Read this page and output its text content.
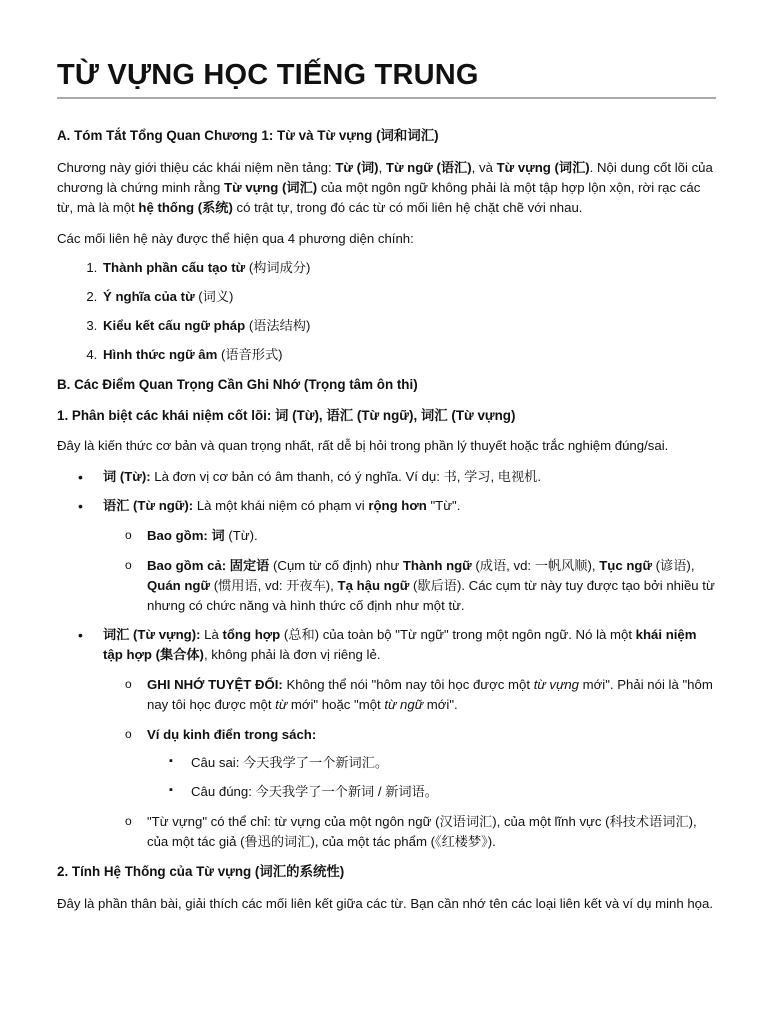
TỪ VỰNG HỌC TIẾNG TRUNG
A. Tóm Tắt Tổng Quan Chương 1: Từ và Từ vựng (词和词汇)

Chương này giới thiệu các khái niệm nền tảng: Từ (词), Từ ngữ (语汇), và Từ vựng (词汇). Nội dung cốt lõi của chương là chứng minh rằng Từ vựng (词汇) của một ngôn ngữ không phải là một tập hợp lộn xộn, rời rạc các từ, mà là một hệ thống (系统) có trật tự, trong đó các từ có mối liên hệ chặt chẽ với nhau.

Các mối liên hệ này được thể hiện qua 4 phương diện chính:

1. Thành phần cấu tạo từ (构词成分)
2. Ý nghĩa của từ (词义)
3. Kiểu kết cấu ngữ pháp (语法结构)
4. Hình thức ngữ âm (语音形式)
B. Các Điểm Quan Trọng Cần Ghi Nhớ (Trọng tâm ôn thi)
1. Phân biệt các khái niệm cốt lõi: 词 (Từ), 语汇 (Từ ngữ), 词汇 (Từ vựng)

Đây là kiến thức cơ bản và quan trọng nhất, rất dễ bị hỏi trong phần lý thuyết hoặc trắc nghiệm đúng/sai.

• 词 (Từ): Là đơn vị cơ bản có âm thanh, có ý nghĩa. Ví dụ: 书, 学习, 电视机.
• 语汇 (Từ ngữ): Là một khái niệm có phạm vi rộng hơn "Từ".
o Bao gồm: 词 (Từ).
o Bao gồm cả: 固定语 (Cụm từ cố định) như Thành ngữ (成语, vd: 一帆风顺), Tục ngữ (谚语), Quán ngữ (惯用语, vd: 开夜车), Tạ hậu ngữ (歇后语). Các cụm từ này tuy được tạo bởi nhiều từ nhưng có chức năng và hình thức cố định như một từ.
• 词汇 (Từ vựng): Là tổng hợp (总和) của toàn bộ "Từ ngữ" trong một ngôn ngữ. Nó là một khái niệm tập hợp (集合体), không phải là đơn vị riêng lẻ.
o GHI NHỚ TUYỆT ĐỐI: Không thể nói "hôm nay tôi học được một từ vựng mới". Phải nói là "hôm nay tôi học được một từ mới" hoặc "một từ ngữ mới".
o Ví dụ kinh điển trong sách:
▪ Câu sai: 今天我学了一个新词汇。
▪ Câu đúng: 今天我学了一个新词 / 新词语。
o "Từ vựng" có thể chỉ: từ vựng của một ngôn ngữ (汉语词汇), của một lĩnh vực (科技术语词汇), của một tác giả (鲁迅的词汇), của một tác phẩm (《红楼梦》).
2. Tính Hệ Thống của Từ vựng (词汇的系统性)

Đây là phần thân bài, giải thích các mối liên kết giữa các từ. Bạn cần nhớ tên các loại liên kết và ví dụ minh họa.
